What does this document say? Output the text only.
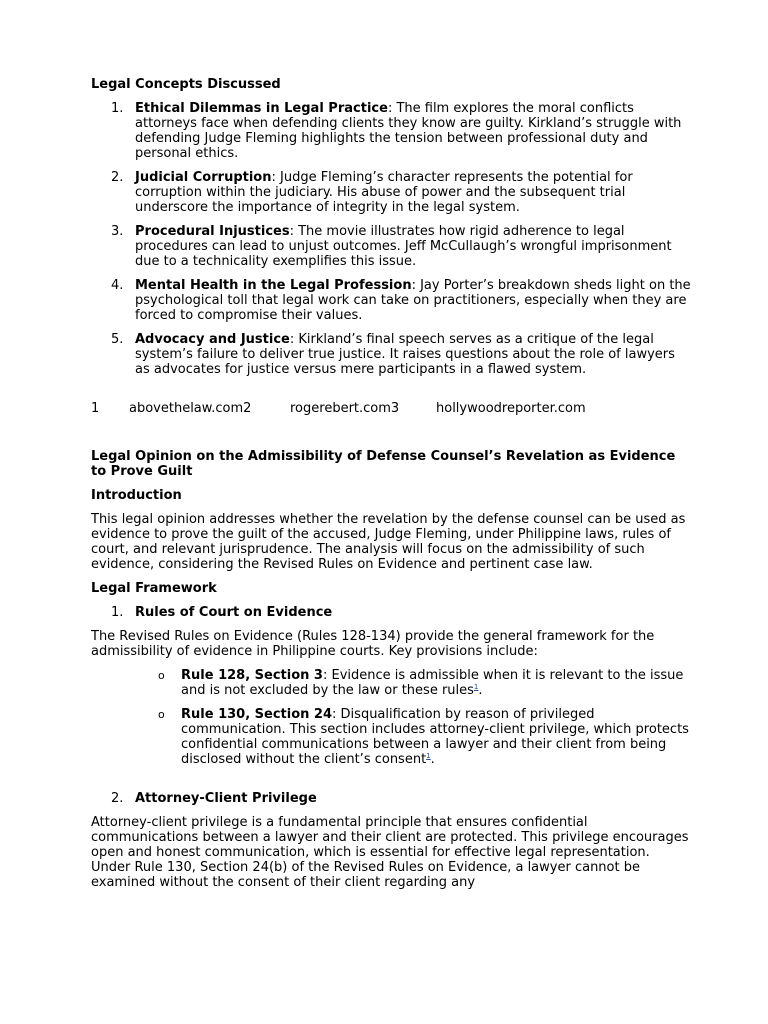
Legal Concepts Discussed

1. Ethical Dilemmas in Legal Practice: The film explores the moral conflicts attorneys face when defending clients they know are guilty. Kirkland’s struggle with defending Judge Fleming highlights the tension between professional duty and personal ethics.
2. Judicial Corruption: Judge Fleming’s character represents the potential for corruption within the judiciary. His abuse of power and the subsequent trial underscore the importance of integrity in the legal system.
3. Procedural Injustices: The movie illustrates how rigid adherence to legal procedures can lead to unjust outcomes. Jeff McCullaugh’s wrongful imprisonment due to a technicality exemplifies this issue.
4. Mental Health in the Legal Profession: Jay Porter’s breakdown sheds light on the psychological toll that legal work can take on practitioners, especially when they are forced to compromise their values.
5. Advocacy and Justice: Kirkland’s final speech serves as a critique of the legal system’s failure to deliver true justice. It raises questions about the role of lawyers as advocates for justice versus mere participants in a flawed system.
1 abovethelaw.com2	rogerebert.com3	hollywoodreporter.com

Legal Opinion on the Admissibility of Defense Counsel’s Revelation as Evidence to Prove Guilt

Introduction

This legal opinion addresses whether the revelation by the defense counsel can be used as evidence to prove the guilt of the accused, Judge Fleming, under Philippine laws, rules of court, and relevant jurisprudence. The analysis will focus on the admissibility of such evidence, considering the Revised Rules on Evidence and pertinent case law.

Legal Framework

1. Rules of Court on Evidence

The Revised Rules on Evidence (Rules 128-134) provide the general framework for the admissibility of evidence in Philippine courts. Key provisions include:

o Rule 128, Section 3: Evidence is admissible when it is relevant to the issue and is not excluded by the law or these rules$^1$.
o Rule 130, Section 24: Disqualification by reason of privileged communication. This section includes attorney-client privilege, which protects confidential communications between a lawyer and their client from being disclosed without the client’s consent$^1$.
2. Attorney-Client Privilege

Attorney-client privilege is a fundamental principle that ensures confidential communications between a lawyer and their client are protected. This privilege encourages open and honest communication, which is essential for effective legal representation. Under Rule 130, Section 24(b) of the Revised Rules on Evidence, a lawyer cannot be examined without the consent of their client regarding any
